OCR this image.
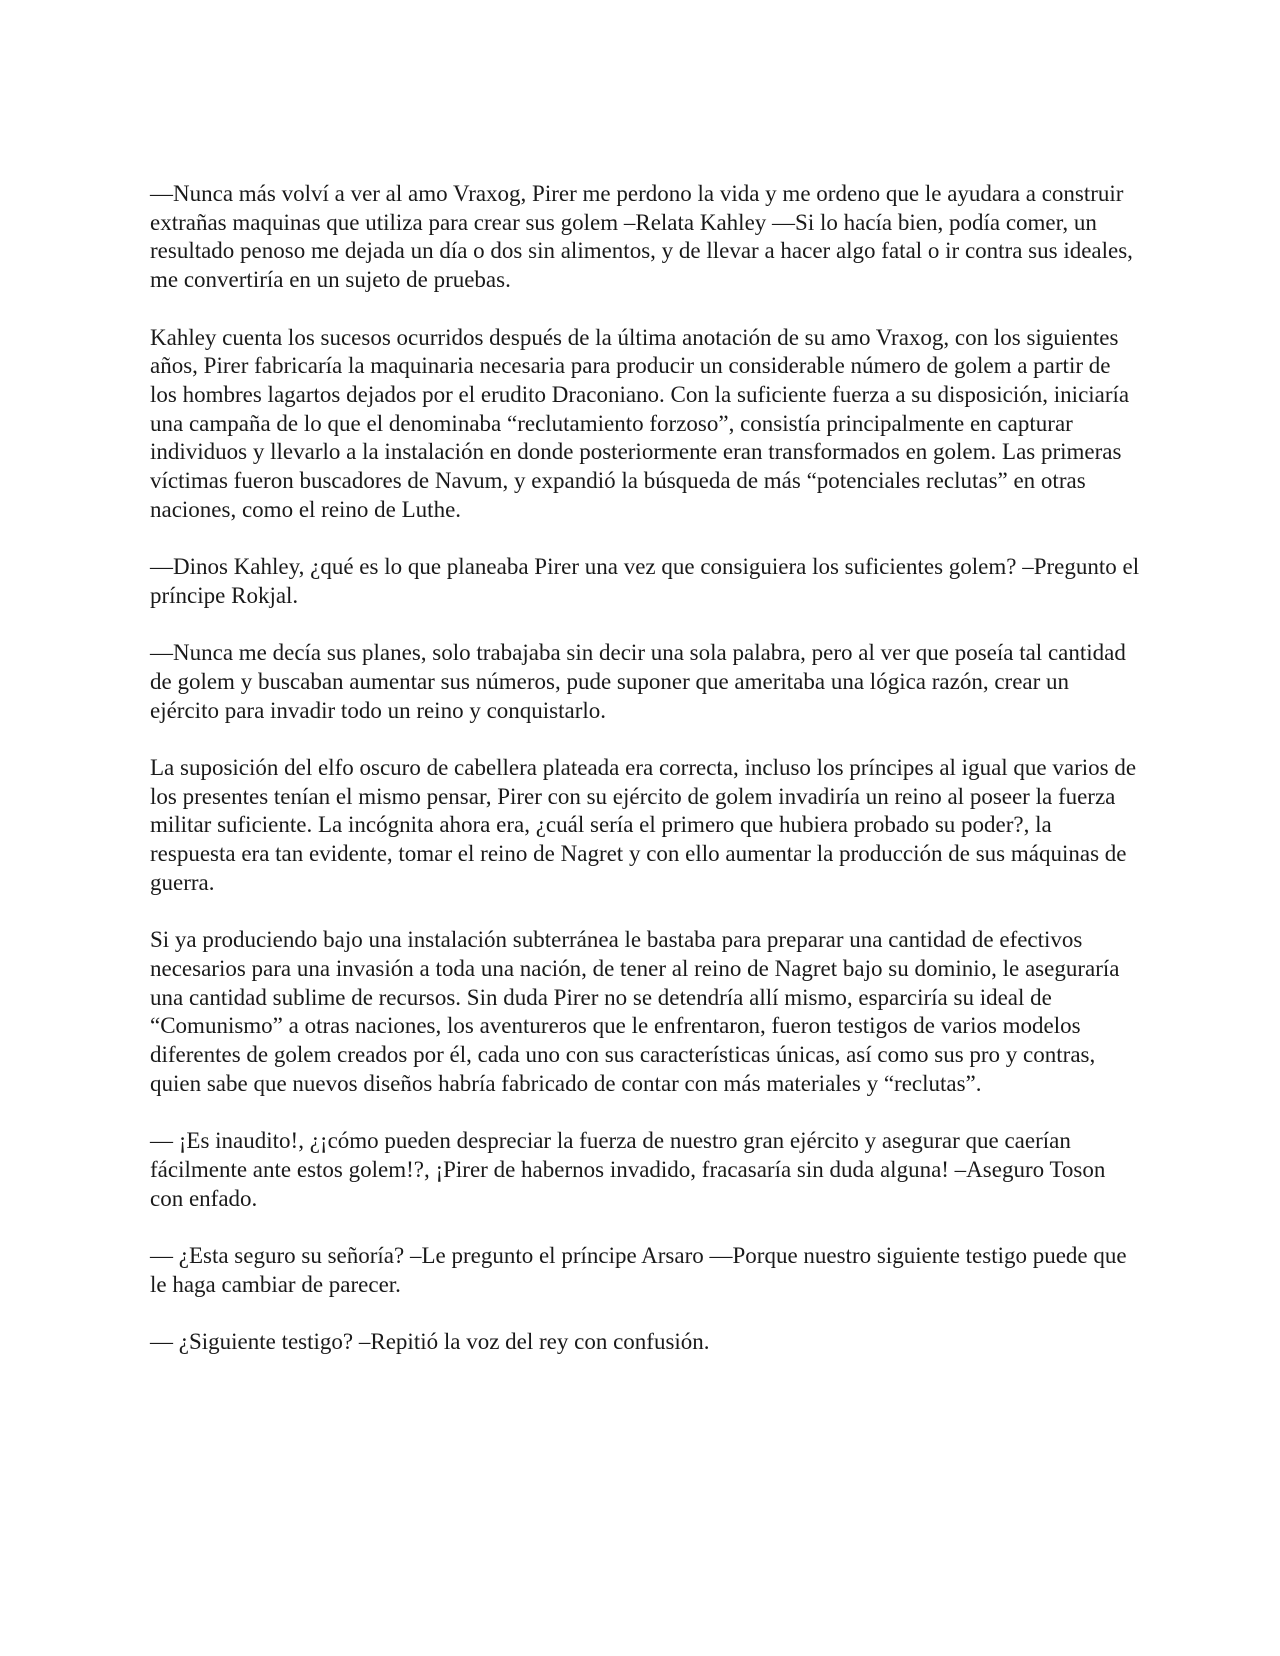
—Nunca más volví a ver al amo Vraxog, Pirer me perdono la vida y me ordeno que le ayudara a construir extrañas maquinas que utiliza para crear sus golem –Relata Kahley —Si lo hacía bien, podía comer, un resultado penoso me dejada un día o dos sin alimentos, y de llevar a hacer algo fatal o ir contra sus ideales, me convertiría en un sujeto de pruebas.

Kahley cuenta los sucesos ocurridos después de la última anotación de su amo Vraxog, con los siguientes años, Pirer fabricaría la maquinaria necesaria para producir un considerable número de golem a partir de los hombres lagartos dejados por el erudito Draconiano. Con la suficiente fuerza a su disposición, iniciaría una campaña de lo que el denominaba “reclutamiento forzoso”, consistía principalmente en capturar individuos y llevarlo a la instalación en donde posteriormente eran transformados en golem. Las primeras víctimas fueron buscadores de Navum, y expandió la búsqueda de más “potenciales reclutas” en otras naciones, como el reino de Luthe.

—Dinos Kahley, ¿qué es lo que planeaba Pirer una vez que consiguiera los suficientes golem? –Pregunto el príncipe Rokjal.

—Nunca me decía sus planes, solo trabajaba sin decir una sola palabra, pero al ver que poseía tal cantidad de golem y buscaban aumentar sus números, pude suponer que ameritaba una lógica razón, crear un ejército para invadir todo un reino y conquistarlo.

La suposición del elfo oscuro de cabellera plateada era correcta, incluso los príncipes al igual que varios de los presentes tenían el mismo pensar, Pirer con su ejército de golem invadiría un reino al poseer la fuerza militar suficiente. La incógnita ahora era, ¿cuál sería el primero que hubiera probado su poder?, la respuesta era tan evidente, tomar el reino de Nagret y con ello aumentar la producción de sus máquinas de guerra.

Si ya produciendo bajo una instalación subterránea le bastaba para preparar una cantidad de efectivos necesarios para una invasión a toda una nación, de tener al reino de Nagret bajo su dominio, le aseguraría una cantidad sublime de recursos. Sin duda Pirer no se detendría allí mismo, esparciría su ideal de “Comunismo” a otras naciones, los aventureros que le enfrentaron, fueron testigos de varios modelos diferentes de golem creados por él, cada uno con sus características únicas, así como sus pro y contras, quien sabe que nuevos diseños habría fabricado de contar con más materiales y “reclutas”.

— ¡Es inaudito!, ¿¡cómo pueden despreciar la fuerza de nuestro gran ejército y asegurar que caerían fácilmente ante estos golem!?, ¡Pirer de habernos invadido, fracasaría sin duda alguna! –Aseguro Toson con enfado.

— ¿Esta seguro su señoría? –Le pregunto el príncipe Arsaro —Porque nuestro siguiente testigo puede que le haga cambiar de parecer.

— ¿Siguiente testigo? –Repitió la voz del rey con confusión.
